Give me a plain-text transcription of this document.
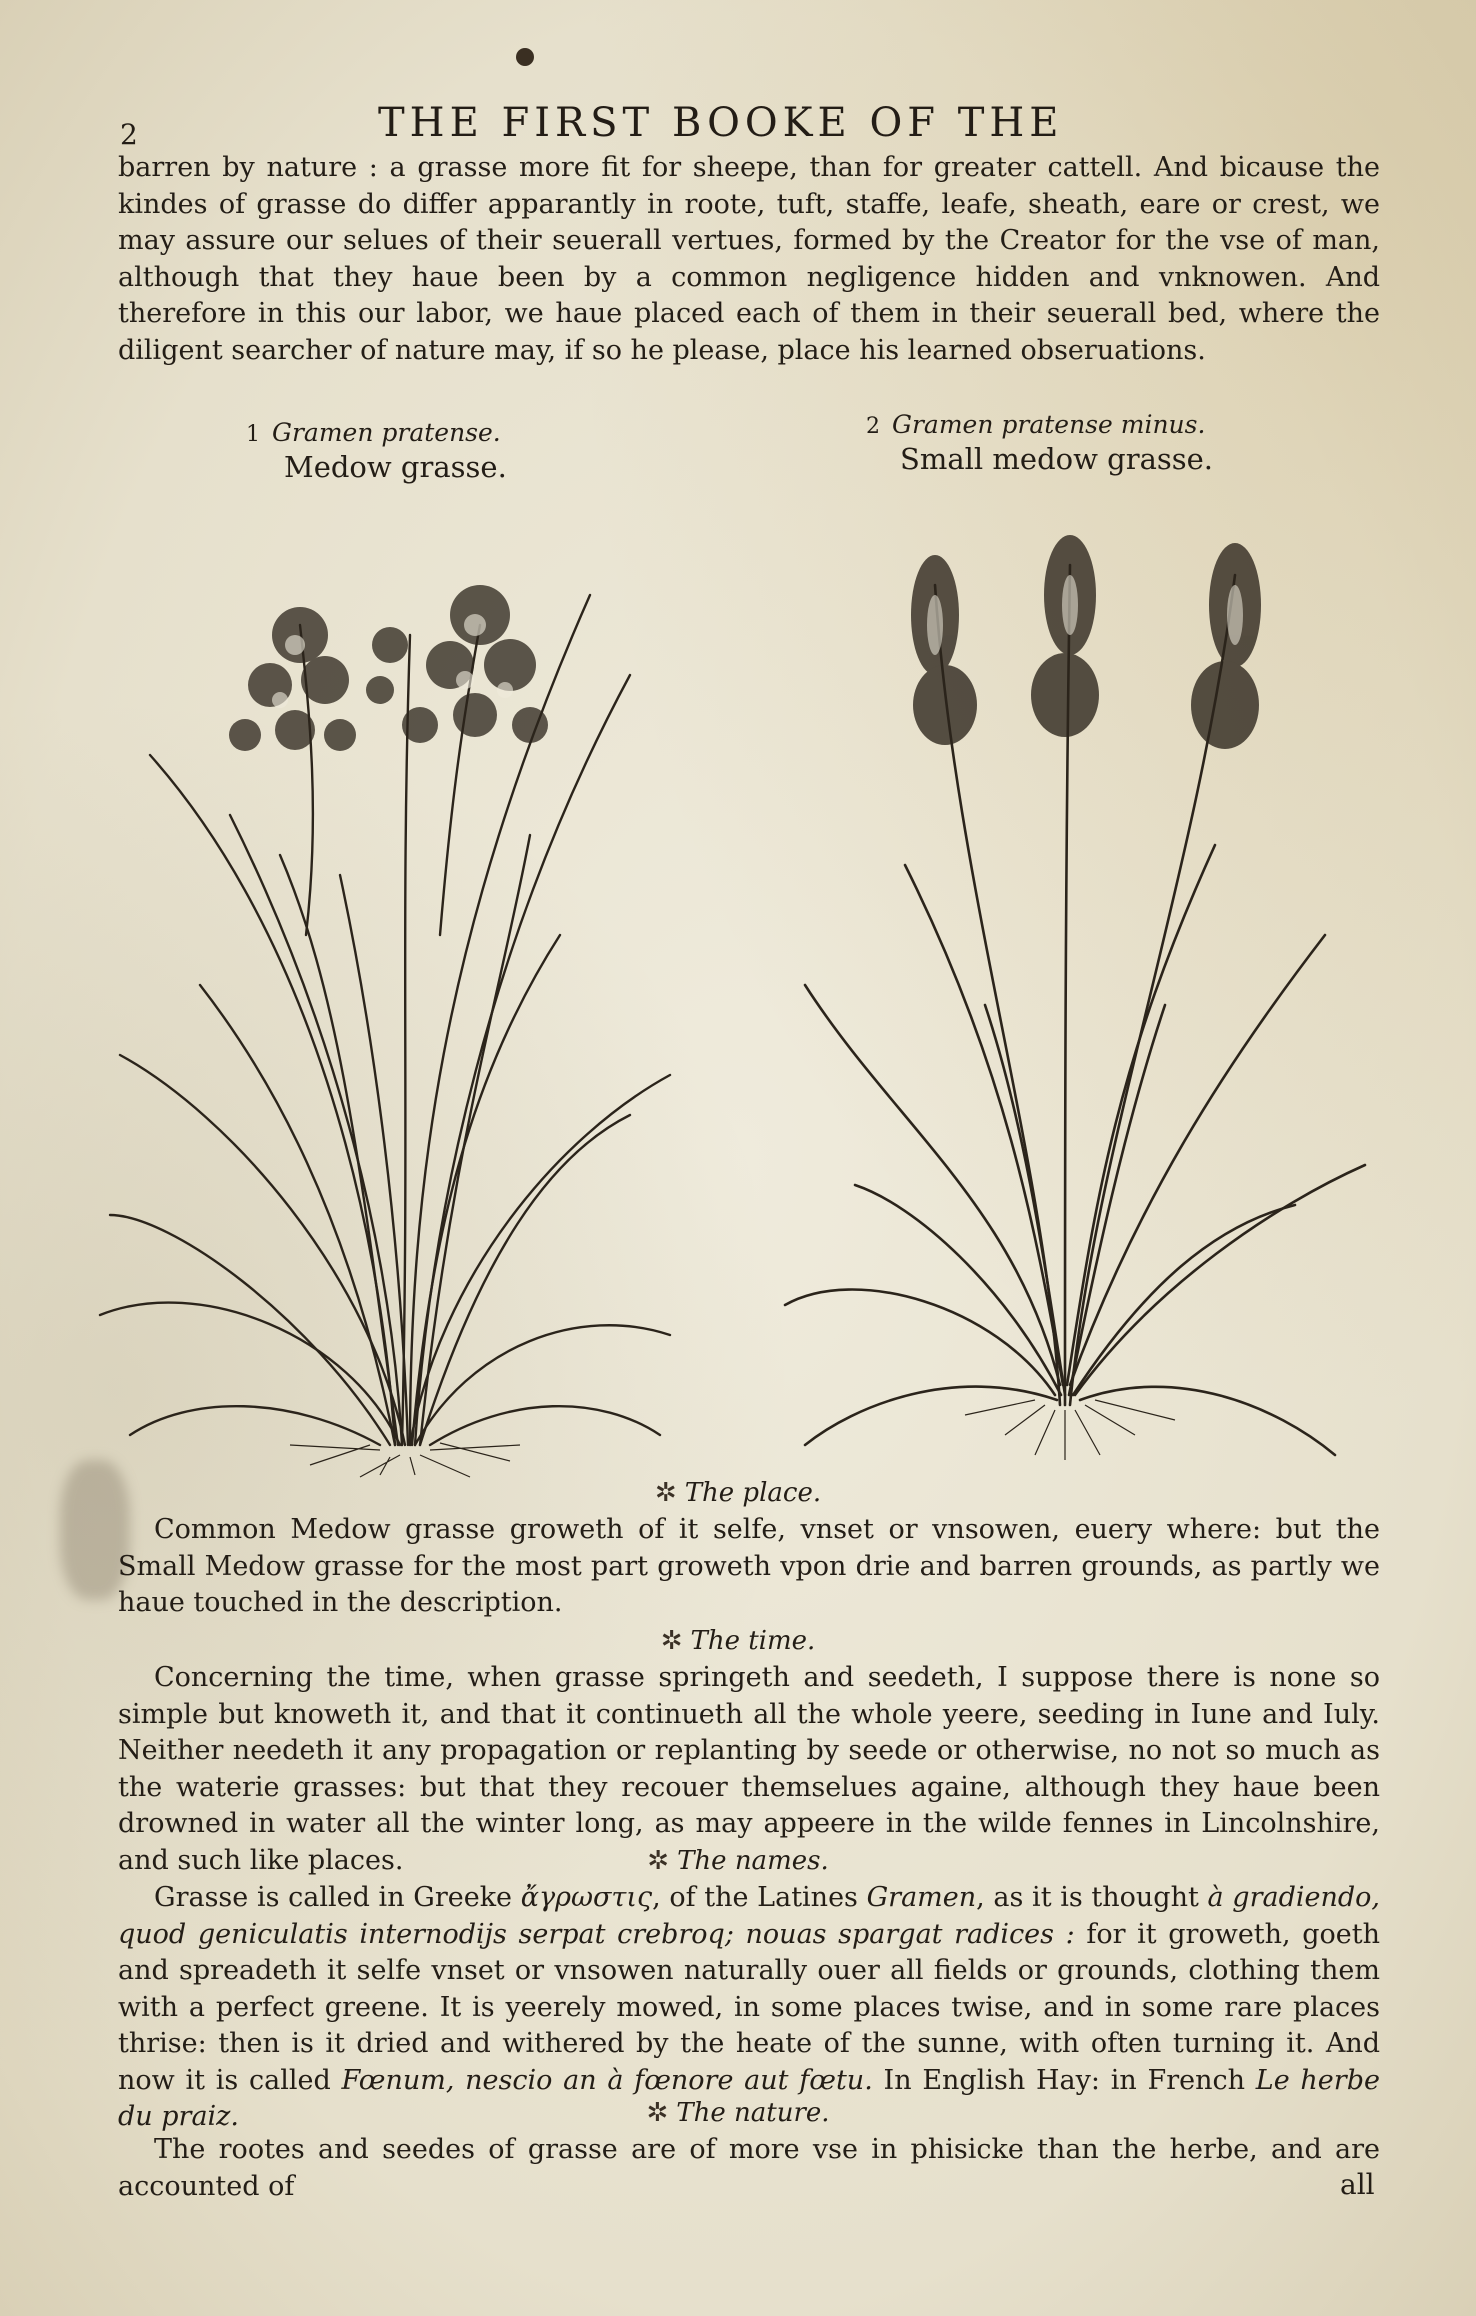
2	THE FIRST BOOKE OF THE

barren by nature : a grasse more fit for sheepe, than for greater cattell. And bicause the kindes of grasse do differ apparantly in roote, tuft, staffe, leafe, sheath, eare or crest, we may assure our selues of their seuerall vertues, formed by the Creator for the vse of man, although that they haue been by a common negligence hidden and vnknowen. And therefore in this our labor, we haue placed each of them in their seuerall bed, where the diligent searcher of nature may, if so he please, place his learned obseruations.

1 Gramen pratense.
Medow grasse.
2 Gramen pratense minus.
Small medow grasse.
✲ The place.

Common Medow grasse groweth of it selfe, vnset or vnsowen, euery where: but the Small Medow grasse for the most part groweth vpon drie and barren grounds, as partly we haue touched in the description.

✲ The time.

Concerning the time, when grasse springeth and seedeth, I suppose there is none so simple but knoweth it, and that it continueth all the whole yeere, seeding in Iune and Iuly. Neither needeth it any propagation or replanting by seede or otherwise, no not so much as the waterie grasses: but that they recouer themselues againe, although they haue been drowned in water all the winter long, as may appeere in the wilde fennes in Lincolnshire, and such like places.	✲ The names.

Grasse is called in Greeke ἄγρωστις, of the Latines Gramen, as it is thought à gradiendo, quod geniculatis internodijs serpat crebroq; nouas spargat radices : for it groweth, goeth and spreadeth it selfe vnset or vnsowen naturally ouer all fields or grounds, clothing them with a perfect greene. It is yeerely mowed, in some places twise, and in some rare places thrise: then is it dried and withered by the heate of the sunne, with often turning it. And now it is called Fœnum, nescio an à fœnore aut fœtu. In English Hay: in French Le herbe du praiz.	✲ The nature.

The rootes and seedes of grasse are of more vse in phisicke than the herbe, and are accounted of	all
